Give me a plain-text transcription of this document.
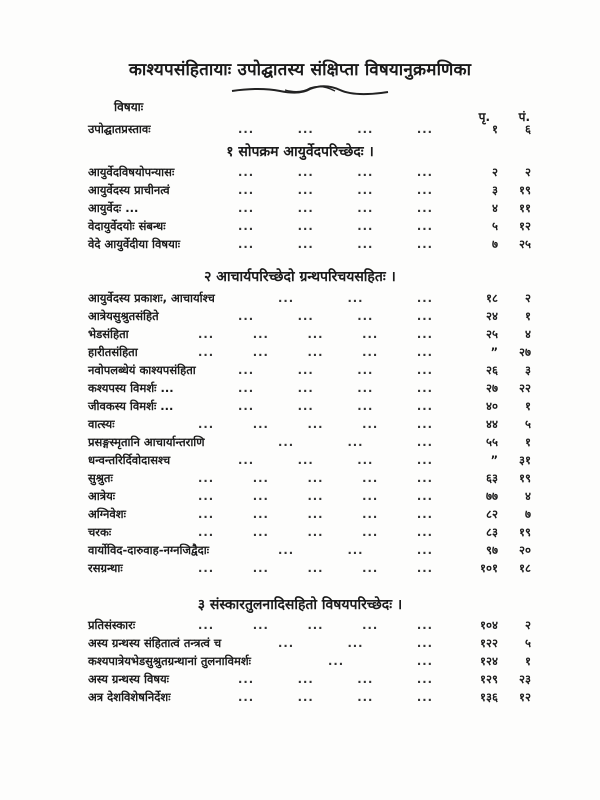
काश्यपसंहितायाः उपोद्घातस्य संक्षिप्ता विषयानुक्रमणिका
विषयाः
पृ.	पं.
उपोद्घातप्रस्तावः	...	...	...	...	१	६
१ सोपक्रम आयुर्वेदपरिच्छेदः ।
आयुर्वेदविषयोपन्यासः	...	...	...	...	२	२
आयुर्वेदस्य प्राचीनत्वं	...	...	...	...	३	१९
आयुर्वेदः ...	...	...	...	...	४	११
वेदायुर्वेदयोः संबन्धः	...	...	...	...	५	१२
वेदे आयुर्वेदीया विषयाः	...	...	...	...	७	२५
२ आचार्यपरिच्छेदो ग्रन्थपरिचयसहितः ।
आयुर्वेदस्य प्रकाशः, आचार्याश्च	...	...	...	१८	२
आत्रेयसुश्रुतसंहिते	...	...	...	...	२४	१
भेडसंहिता	...	...	...	...	...	२५	४
हारीतसंहिता	...	...	...	...	...	”	२७
नवोपलब्धेयं काश्यपसंहिता	...	...	...	...	२६	३
कश्यपस्य विमर्शः ...	...	...	...	...	२७	२२
जीवकस्य विमर्शः ...	...	...	...	...	४०	१
वात्स्यः	...	...	...	...	...	४४	५
प्रसङ्गस्मृतानि आचार्यान्तराणि	...	...	...	५५	१
धन्वन्तरिर्दिवोदासश्च	...	...	...	...	”	३१
सुश्रुतः	...	...	...	...	...	६३	१९
आत्रेयः	...	...	...	...	...	७७	४
अग्निवेशः	...	...	...	...	...	८२	७
चरकः	...	...	...	...	...	८३	१९
वार्योविद-दारुवाह-नग्नजिद्वैदाः	...	...	...	९७	२०
रसग्रन्थाः	...	...	...	...	...	१०१	१८
३ संस्कारतुलनादिसहितो विषयपरिच्छेदः ।
प्रतिसंस्कारः	...	...	...	...	...	१०४	२
अस्य ग्रन्थस्य संहितात्वं तन्त्रत्वं च	...	...	...	१२२	५
कश्यपात्रेयभेडसुश्रुतग्रन्थानां तुलनाविमर्शः	...	...	१२४	१
अस्य ग्रन्थस्य विषयः	...	...	...	...	१२९	२३
अत्र देशविशेषनिर्देशः	...	...	...	...	१३६	१२
